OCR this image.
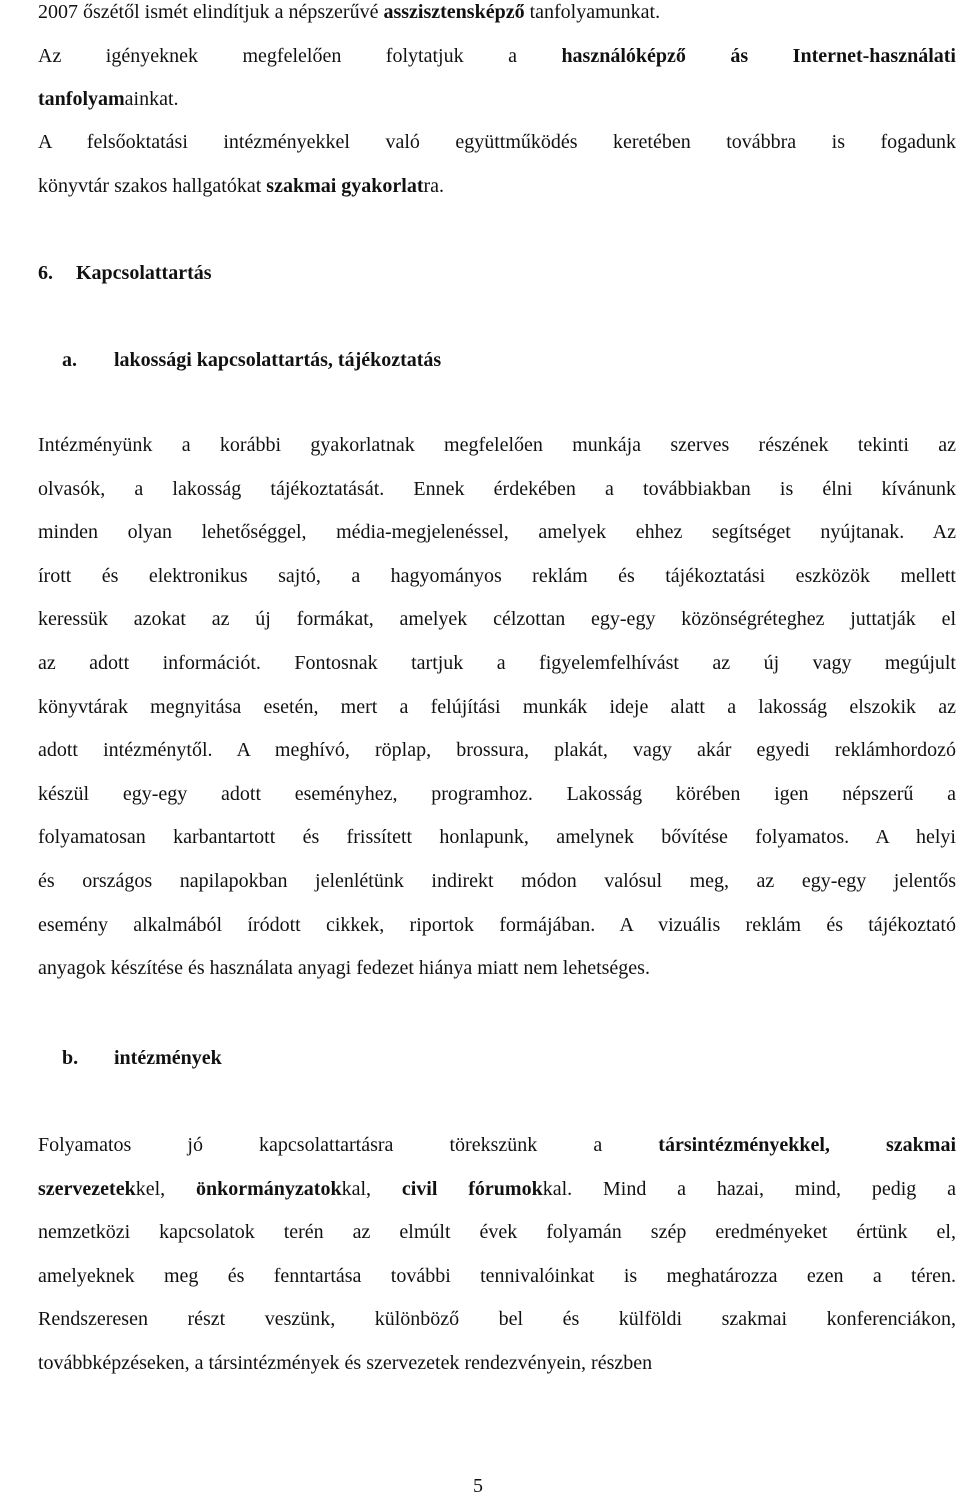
2007 őszétől ismét elindítjuk a népszerűvé asszisztensképző tanfolyamunkat.
Az igényeknek megfelelően folytatjuk a használóképző ás Internet-használati
tanfolyamainkat.
A felsőoktatási intézményekkel való együttműködés keretében továbbra is fogadunk
könyvtár szakos hallgatókat szakmai gyakorlatra.
6. Kapcsolattartás
a. lakossági kapcsolattartás, tájékoztatás
Intézményünk a korábbi gyakorlatnak megfelelően munkája szerves részének tekinti az
olvasók, a lakosság tájékoztatását. Ennek érdekében a továbbiakban is élni kívánunk
minden olyan lehetőséggel, média-megjelenéssel, amelyek ehhez segítséget nyújtanak. Az
írott és elektronikus sajtó, a hagyományos reklám és tájékoztatási eszközök mellett
keressük azokat az új formákat, amelyek célzottan egy-egy közönségréteghez juttatják el
az adott információt. Fontosnak tartjuk a figyelemfelhívást az új vagy megújult
könyvtárak megnyitása esetén, mert a felújítási munkák ideje alatt a lakosság elszokik az
adott intézménytől. A meghívó, röplap, brossura, plakát, vagy akár egyedi reklámhordozó
készül egy-egy adott eseményhez, programhoz. Lakosság körében igen népszerű a
folyamatosan karbantartott és frissített honlapunk, amelynek bővítése folyamatos. A helyi
és országos napilapokban jelenlétünk indirekt módon valósul meg, az egy-egy jelentős
esemény alkalmából íródott cikkek, riportok formájában. A vizuális reklám és tájékoztató
anyagok készítése és használata anyagi fedezet hiánya miatt nem lehetséges.
b. intézmények
Folyamatos jó kapcsolattartásra törekszünk a társintézményekkel,	szakmai
szervezetekkel, önkormányzatokkal, civil fórumokkal. Mind a hazai, mind, pedig a
nemzetközi kapcsolatok terén az elmúlt évek folyamán szép eredményeket értünk el,
amelyeknek meg és fenntartása további tennivalóinkat is meghatározza ezen a téren.
Rendszeresen részt veszünk, különböző bel és külföldi szakmai konferenciákon,
továbbképzéseken, a társintézmények és szervezetek rendezvényein, részben
5
